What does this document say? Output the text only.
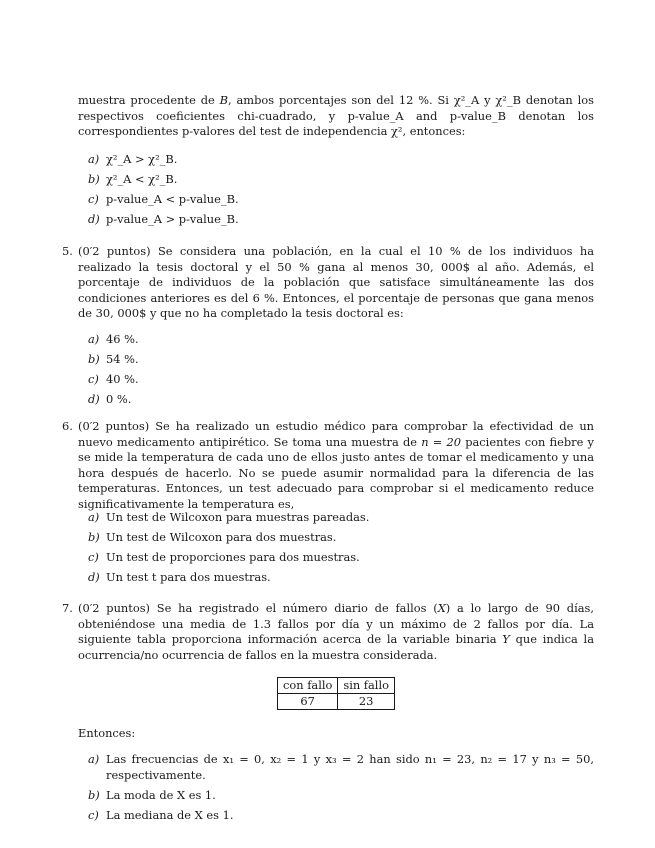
muestra procedente de B, ambos porcentajes son del 12 %. Si χ²_A y χ²_B denotan los respectivos coeficientes chi-cuadrado, y p-value_A and p-value_B denotan los correspondientes p-valores del test de independencia χ², entonces:
a) χ²_A > χ²_B.
b) χ²_A < χ²_B.
c) p-value_A < p-value_B.
d) p-value_A > p-value_B.
5. (0′2 puntos) Se considera una población, en la cual el 10 % de los individuos ha realizado la tesis doctoral y el 50 % gana al menos 30, 000$ al año. Además, el porcentaje de individuos de la población que satisface simultáneamente las dos condiciones anteriores es del 6 %. Entonces, el porcentaje de personas que gana menos de 30, 000$ y que no ha completado la tesis doctoral es:
a) 46 %.
b) 54 %.
c) 40 %.
d) 0 %.
6. (0′2 puntos) Se ha realizado un estudio médico para comprobar la efectividad de un nuevo medicamento antipirético. Se toma una muestra de n = 20 pacientes con fiebre y se mide la temperatura de cada uno de ellos justo antes de tomar el medicamento y una hora después de hacerlo. No se puede asumir normalidad para la diferencia de las temperaturas. Entonces, un test adecuado para comprobar si el medicamento reduce significativamente la temperatura es,
a) Un test de Wilcoxon para muestras pareadas.
b) Un test de Wilcoxon para dos muestras.
c) Un test de proporciones para dos muestras.
d) Un test t para dos muestras.
7. (0′2 puntos) Se ha registrado el número diario de fallos (X) a lo largo de 90 días, obteniéndose una media de 1.3 fallos por día y un máximo de 2 fallos por día. La siguiente tabla proporciona información acerca de la variable binaria Y que indica la ocurrencia/no ocurrencia de fallos en la muestra considerada.
con fallo	sin fallo
67	23
Entonces:
a) Las frecuencias de x₁ = 0, x₂ = 1 y x₃ = 2 han sido n₁ = 23, n₂ = 17 y n₃ = 50, respectivamente.
b) La moda de X es 1.
c) La mediana de X es 1.
